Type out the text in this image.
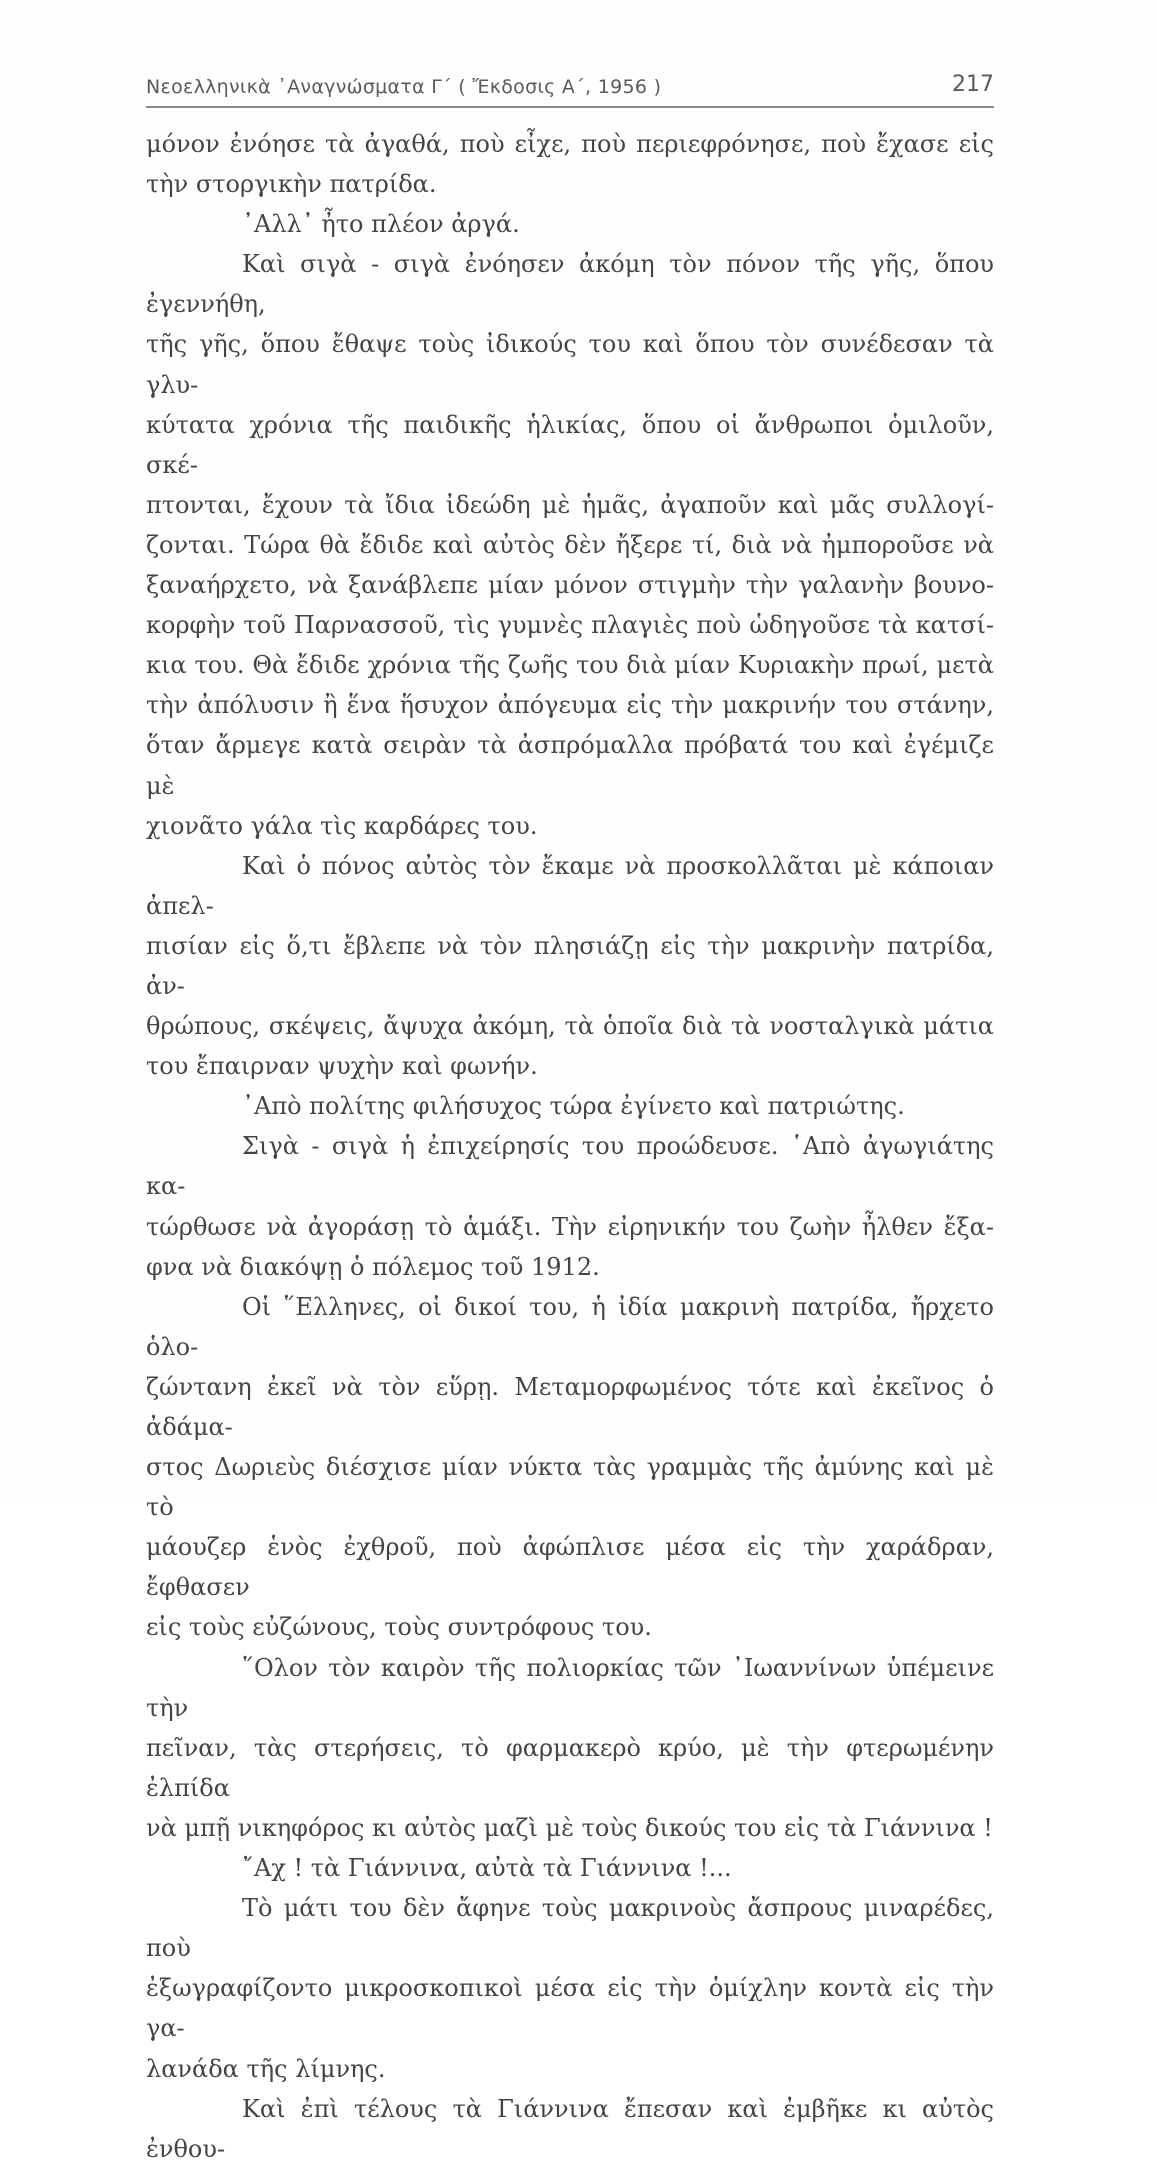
Νεοελληνικὰ ᾿Αναγνώσματα Γ΄ ( Ἔκδοσις Α΄, 1956 )	217

μόνον ἐνόησε τὰ ἀγαθά, ποὺ εἶχε, ποὺ περιεφρόνησε, ποὺ ἔχασε εἰς

τὴν στοργικὴν πατρίδα.

᾿Αλλ᾿ ἦτο πλέον ἀργά.

Καὶ σιγὰ - σιγὰ ἐνόησεν ἀκόμη τὸν πόνον τῆς γῆς, ὅπου ἐγεννήθη,

τῆς γῆς, ὅπου ἔθαψε τοὺς ἰδικούς του καὶ ὅπου τὸν συνέδεσαν τὰ γλυ-

κύτατα χρόνια τῆς παιδικῆς ἡλικίας, ὅπου οἱ ἄνθρωποι ὁμιλοῦν, σκέ-

πτονται, ἔχουν τὰ ἴδια ἰδεώδη μὲ ἡμᾶς, ἀγαποῦν καὶ μᾶς συλλογί-

ζονται. Τώρα θὰ ἔδιδε καὶ αὐτὸς δὲν ἤξερε τί, διὰ νὰ ἠμποροῦσε νὰ

ξαναήρχετο, νὰ ξανάβλεπε μίαν μόνον στιγμὴν τὴν γαλανὴν βουνο-

κορφὴν τοῦ Παρνασσοῦ, τὶς γυμνὲς πλαγιὲς ποὺ ὡδηγοῦσε τὰ κατσί-

κια του. Θὰ ἔδιδε χρόνια τῆς ζωῆς του διὰ μίαν Κυριακὴν πρωί, μετὰ

τὴν ἀπόλυσιν ἢ ἕνα ἥσυχον ἀπόγευμα εἰς τὴν μακρινήν του στάνην,

ὅταν ἄρμεγε κατὰ σειρὰν τὰ ἀσπρόμαλλα πρόβατά του καὶ ἐγέμιζε μὲ

χιονᾶτο γάλα τὶς καρδάρες του.

Καὶ ὁ πόνος αὐτὸς τὸν ἔκαμε νὰ προσκολλᾶται μὲ κάποιαν ἀπελ-

πισίαν εἰς ὅ,τι ἔβλεπε νὰ τὸν πλησιάζῃ εἰς τὴν μακρινὴν πατρίδα, ἀν-

θρώπους, σκέψεις, ἄψυχα ἀκόμη, τὰ ὁποῖα διὰ τὰ νοσταλγικὰ μάτια

του ἔπαιρναν ψυχὴν καὶ φωνήν.

᾿Απὸ πολίτης φιλήσυχος τώρα ἐγίνετο καὶ πατριώτης.

Σιγὰ - σιγὰ ἡ ἐπιχείρησίς του προώδευσε. ῾Απὸ ἀγωγιάτης κα-

τώρθωσε νὰ ἀγοράσῃ τὸ ἁμάξι. Τὴν εἰρηνικήν του ζωὴν ἦλθεν ἔξα-

φνα νὰ διακόψῃ ὁ πόλεμος τοῦ 1912.

Οἱ ῞Ελληνες, οἱ δικοί του, ἡ ἰδία μακρινὴ πατρίδα, ἤρχετο ὁλο-

ζώντανη ἐκεῖ νὰ τὸν εὕρῃ. Μεταμορφωμένος τότε καὶ ἐκεῖνος ὁ ἀδάμα-

στος Δωριεὺς διέσχισε μίαν νύκτα τὰς γραμμὰς τῆς ἀμύνης καὶ μὲ τὸ

μάουζερ ἑνὸς ἐχθροῦ, ποὺ ἀφώπλισε μέσα εἰς τὴν χαράδραν, ἔφθασεν

εἰς τοὺς εὐζώνους, τοὺς συντρόφους του.

῞Ολον τὸν καιρὸν τῆς πολιορκίας τῶν ᾿Ιωαννίνων ὑπέμεινε τὴν

πεῖναν, τὰς στερήσεις, τὸ φαρμακερὸ κρύο, μὲ τὴν φτερωμένην ἐλπίδα

νὰ μπῇ νικηφόρος κι αὐτὸς μαζὶ μὲ τοὺς δικούς του εἰς τὰ Γιάννινα !

῎Αχ ! τὰ Γιάννινα, αὐτὰ τὰ Γιάννινα !...

Τὸ μάτι του δὲν ἄφηνε τοὺς μακρινοὺς ἄσπρους μιναρέδες, ποὺ

ἐξωγραφίζοντο μικροσκοπικοὶ μέσα εἰς τὴν ὁμίχλην κοντὰ εἰς τὴν γα-

λανάδα τῆς λίμνης.

Καὶ ἐπὶ τέλους τὰ Γιάννινα ἔπεσαν καὶ ἐμβῆκε κι αὐτὸς ἐνθου-
